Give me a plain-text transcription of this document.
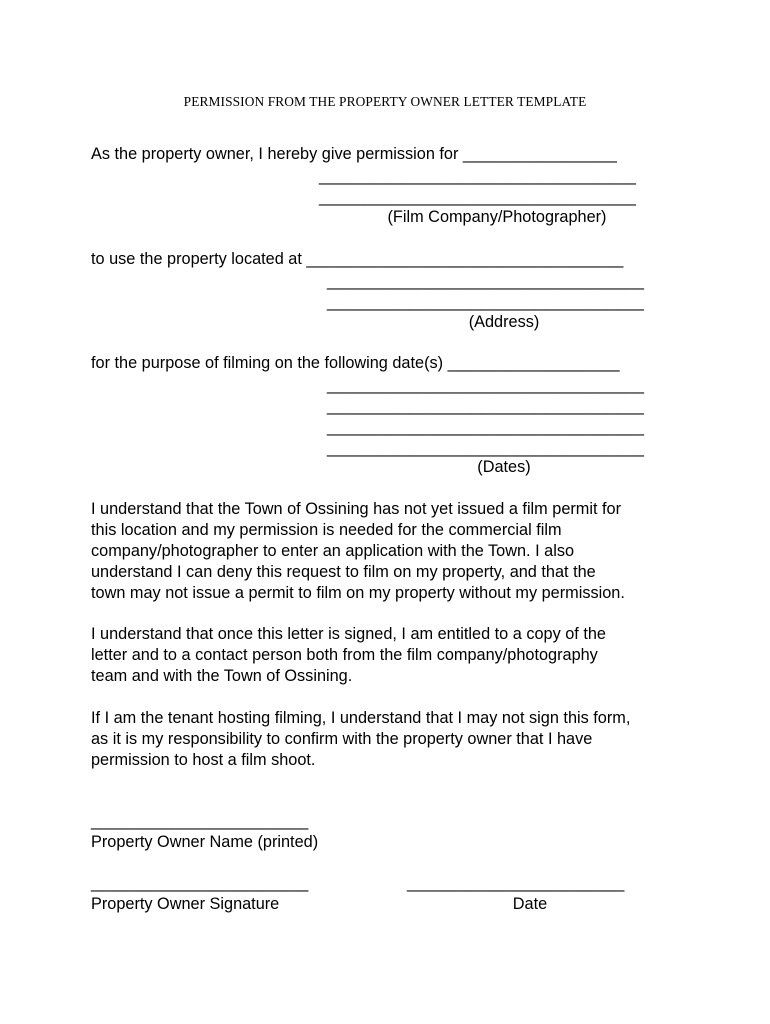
PERMISSION FROM THE PROPERTY OWNER LETTER TEMPLATE
As the property owner, I hereby give permission for _________________
___________________________________
___________________________________
(Film Company/Photographer)
to use the property located at ___________________________________
___________________________________
___________________________________
(Address)
for the purpose of filming on the following date(s) ___________________
___________________________________
___________________________________
___________________________________
___________________________________
(Dates)
I understand that the Town of Ossining has not yet issued a film permit for
this location and my permission is needed for the commercial film
company/photographer to enter an application with the Town. I also
understand I can deny this request to film on my property, and that the
town may not issue a permit to film on my property without my permission.
I understand that once this letter is signed, I am entitled to a copy of the
letter and to a contact person both from the film company/photography
team and with the Town of Ossining.
If I am the tenant hosting filming, I understand that I may not sign this form,
as it is my responsibility to confirm with the property owner that I have
permission to host a film shoot.
________________________
Property Owner Name (printed)
________________________
Property Owner Signature
________________________
Date
